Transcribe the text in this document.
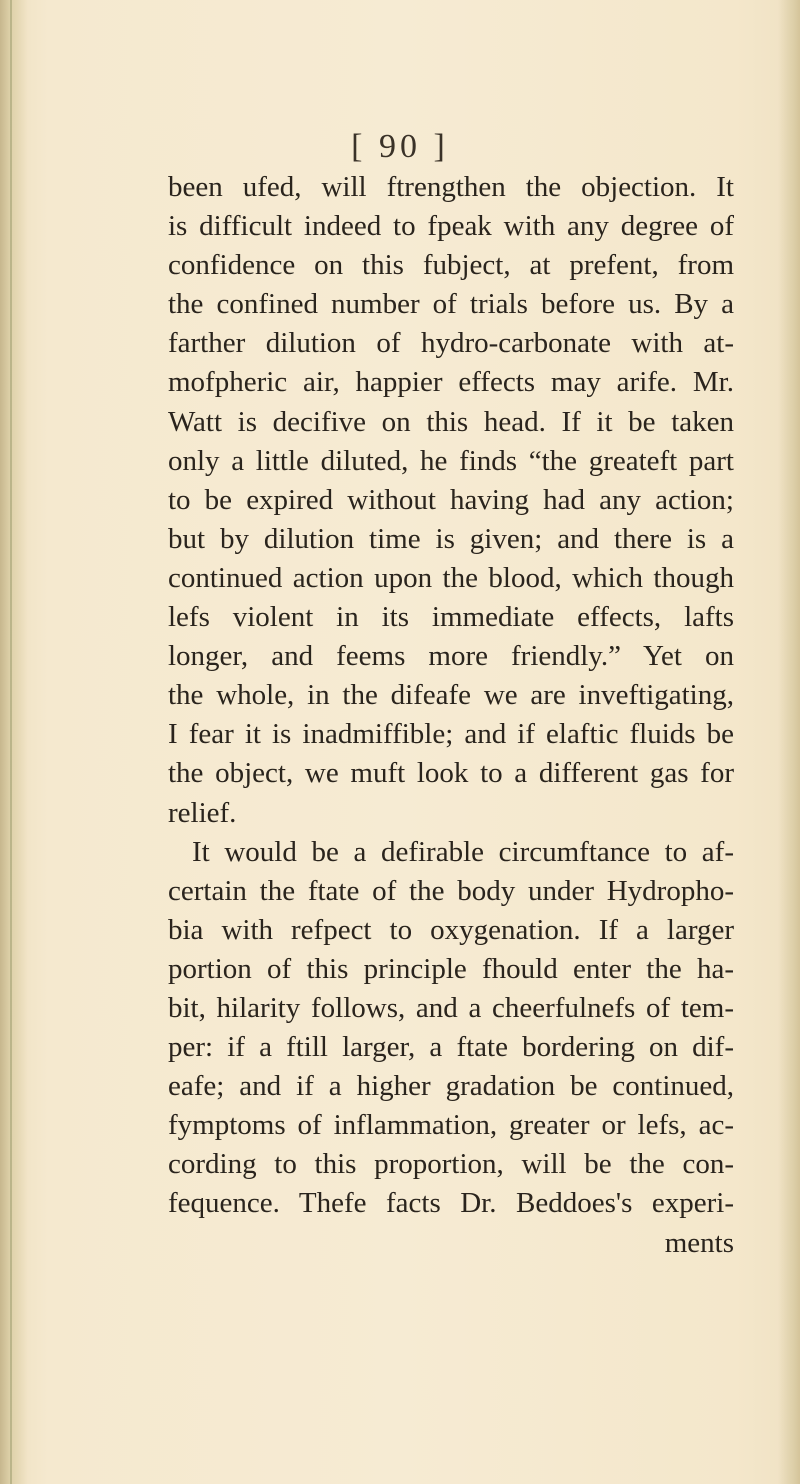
[ 90 ]
been ufed, will ftrengthen the objection. It
is difficult indeed to fpeak with any degree of
confidence on this fubject, at prefent, from
the confined number of trials before us. By a
farther dilution of hydro-carbonate with at-
mofpheric air, happier effects may arife. Mr.
Watt is decifive on this head. If it be taken
only a little diluted, he finds “the greateft part
to be expired without having had any action;
but by dilution time is given; and there is a
continued action upon the blood, which though
lefs violent in its immediate effects, lafts
longer, and feems more friendly.” Yet on
the whole, in the difeafe we are inveftigating,
I fear it is inadmiffible; and if elaftic fluids be
the object, we muft look to a different gas for
relief.
It would be a defirable circumftance to af-
certain the ftate of the body under Hydropho-
bia with refpect to oxygenation. If a larger
portion of this principle fhould enter the ha-
bit, hilarity follows, and a cheerfulnefs of tem-
per: if a ftill larger, a ftate bordering on dif-
eafe; and if a higher gradation be continued,
fymptoms of inflammation, greater or lefs, ac-
cording to this proportion, will be the con-
fequence. Thefe facts Dr. Beddoes's experi-
ments
